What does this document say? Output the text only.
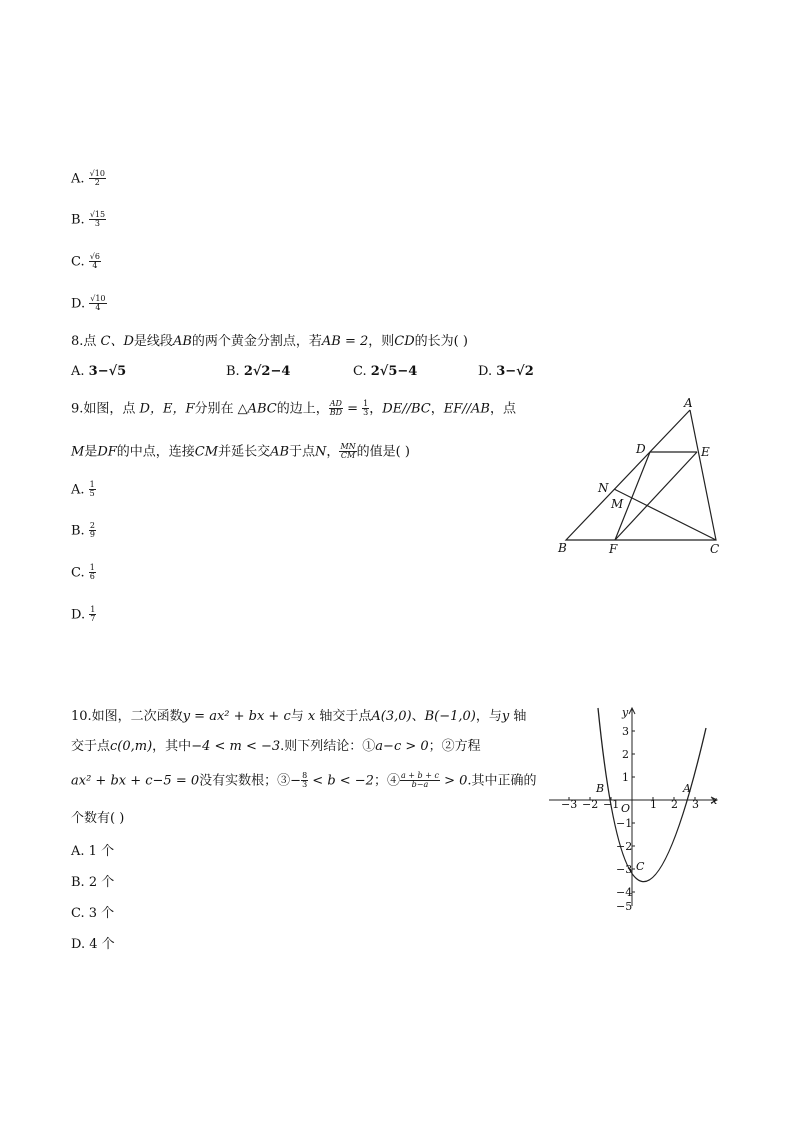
A. $\frac{√10}{2}$
B. $\frac{√15}{3}$
C. $\frac{√6}{4}$
D. $\frac{√10}{4}$
8.点 C、D是线段AB的两个黄金分割点，若AB = 2，则CD的长为( )
A. 3−√5	B. 2√2−4	C. 2√5−4	D. 3−√2
9.如图，点 D，E，F分别在 △ABC的边上， $\frac{AD}{BD} = \frac{1}{3}$ ，DE//BC，EF//AB，点
M是DF的中点，连接CM并延长交AB于点N， $\frac{MN}{CM}$ 的值是( )
A. $\frac{1}{5}$
B. $\frac{2}{9}$
C. $\frac{1}{6}$
D. $\frac{1}{7}$
A
B	C
D	E
F
M
N
10.如图，二次函数y = ax² + bx + c与 x 轴交于点A(3,0)、B(−1,0)，与y 轴
交于点c(0,m)，其中−4 < m < −3.则下列结论：①a−c > 0；②方程
ax² + bx + c−5 = 0没有实数根；③− $\frac{8}{3} < b < -2$；④ $\frac{a + b + c}{b-a} > 0$.其中正确的
个数有( )
A. 1 个
B. 2 个
C. 3 个
D. 4 个
x
y
O
−3 −2 −1	1 2 3
3
2
1
−1
−2
−3
−4
−5
B	A
C
